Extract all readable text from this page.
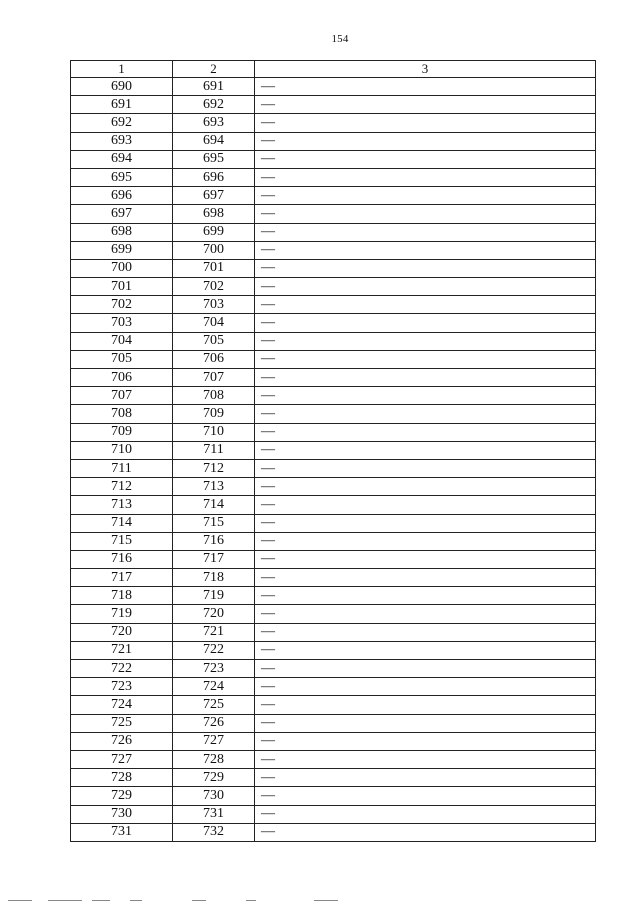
154
1	2	3
690	691	—
691	692	—
692	693	—
693	694	—
694	695	—
695	696	—
696	697	—
697	698	—
698	699	—
699	700	—
700	701	—
701	702	—
702	703	—
703	704	—
704	705	—
705	706	—
706	707	—
707	708	—
708	709	—
709	710	—
710	711	—
711	712	—
712	713	—
713	714	—
714	715	—
715	716	—
716	717	—
717	718	—
718	719	—
719	720	—
720	721	—
721	722	—
722	723	—
723	724	—
724	725	—
725	726	—
726	727	—
727	728	—
728	729	—
729	730	—
730	731	—
731	732	—
